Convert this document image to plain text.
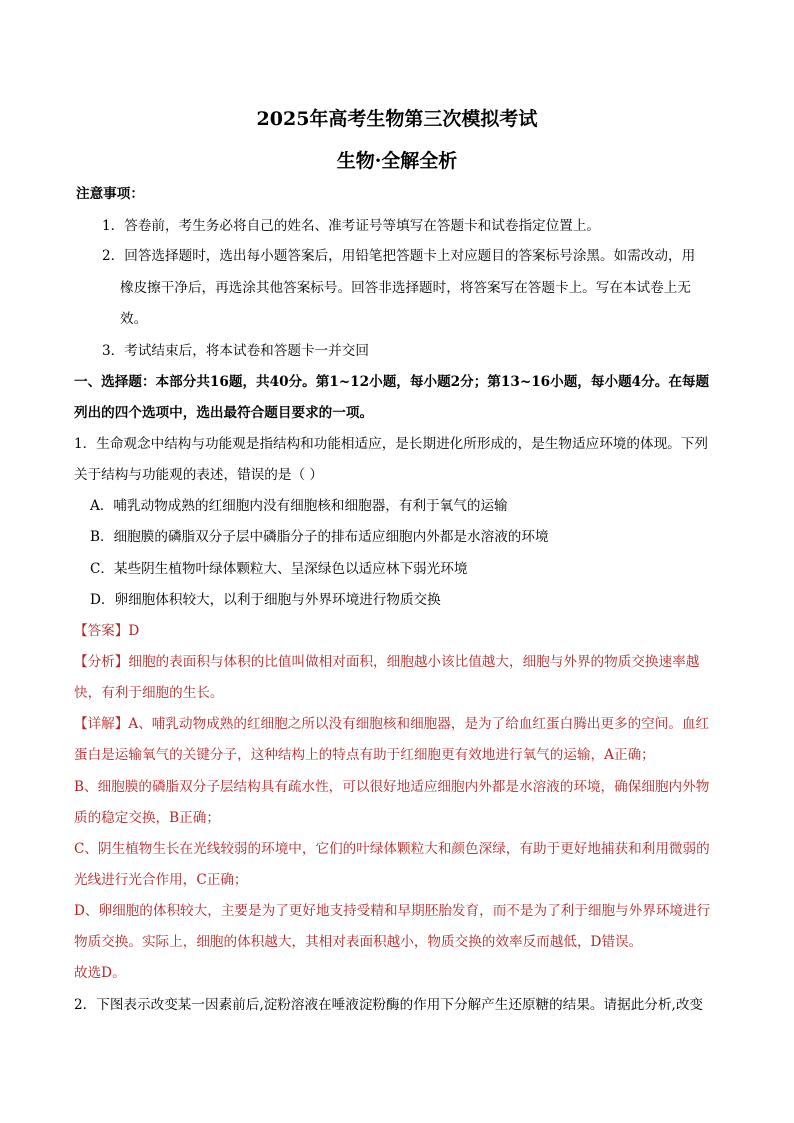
2025年高考生物第三次模拟考试
生物·全解全析
注意事项：
1．答卷前，考生务必将自己的姓名、准考证号等填写在答题卡和试卷指定位置上。
2．回答选择题时，选出每小题答案后，用铅笔把答题卡上对应题目的答案标号涂黑。如需改动，用
橡皮擦干净后，再选涂其他答案标号。回答非选择题时，将答案写在答题卡上。写在本试卷上无
效。
3．考试结束后，将本试卷和答题卡一并交回
一、选择题：本部分共16题，共40分。第1~12小题，每小题2分；第13~16小题，每小题4分。在每题
列出的四个选项中，选出最符合题目要求的一项。
1．生命观念中结构与功能观是指结构和功能相适应，是长期进化所形成的，是生物适应环境的体现。下列
关于结构与功能观的表述，错误的是（ ）
A．哺乳动物成熟的红细胞内没有细胞核和细胞器，有利于氧气的运输
B．细胞膜的磷脂双分子层中磷脂分子的排布适应细胞内外都是水溶液的环境
C．某些阴生植物叶绿体颗粒大、呈深绿色以适应林下弱光环境
D．卵细胞体积较大，以利于细胞与外界环境进行物质交换
【答案】D
【分析】细胞的表面积与体积的比值叫做相对面积，细胞越小该比值越大，细胞与外界的物质交换速率越
快，有利于细胞的生长。
【详解】A、哺乳动物成熟的红细胞之所以没有细胞核和细胞器，是为了给血红蛋白腾出更多的空间。血红
蛋白是运输氧气的关键分子，这种结构上的特点有助于红细胞更有效地进行氧气的运输，A正确；
B、细胞膜的磷脂双分子层结构具有疏水性，可以很好地适应细胞内外都是水溶液的环境，确保细胞内外物
质的稳定交换，B正确；
C、阴生植物生长在光线较弱的环境中，它们的叶绿体颗粒大和颜色深绿，有助于更好地捕获和利用微弱的
光线进行光合作用，C正确；
D、卵细胞的体积较大，主要是为了更好地支持受精和早期胚胎发育，而不是为了利于细胞与外界环境进行
物质交换。实际上，细胞的体积越大，其相对表面积越小，物质交换的效率反而越低，D错误。
故选D。
2．下图表示改变某一因素前后,淀粉溶液在唾液淀粉酶的作用下分解产生还原糖的结果。请据此分析,改变
